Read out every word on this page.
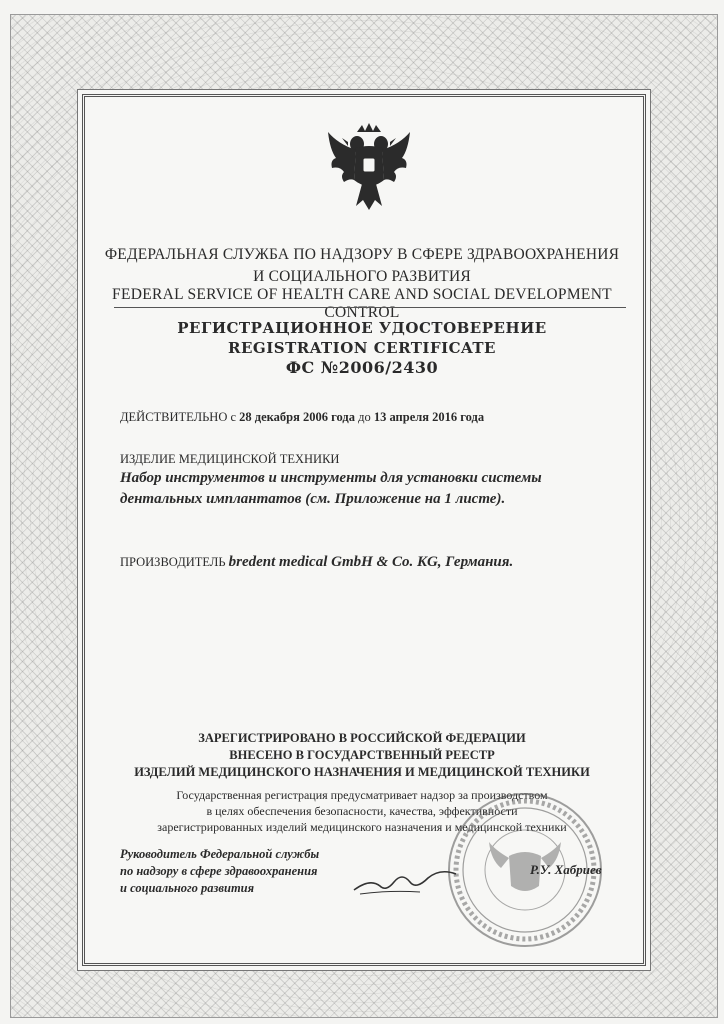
ФЕДЕРАЛЬНАЯ СЛУЖБА ПО НАДЗОРУ В СФЕРЕ ЗДРАВООХРАНЕНИЯ
И СОЦИАЛЬНОГО РАЗВИТИЯ
FEDERAL SERVICE OF HEALTH CARE AND SOCIAL DEVELOPMENT CONTROL
РЕГИСТРАЦИОННОЕ УДОСТОВЕРЕНИЕ
REGISTRATION CERTIFICATE
ФС №2006/2430
ДЕЙСТВИТЕЛЬНО с 28 декабря 2006 года до 13 апреля 2016 года
ИЗДЕЛИЕ МЕДИЦИНСКОЙ ТЕХНИКИ
Набор инструментов и инструменты для установки системы
дентальных имплантатов (см. Приложение на 1 листе).
ПРОИЗВОДИТЕЛЬ bredent medical GmbH & Co. KG, Германия.
ЗАРЕГИСТРИРОВАНО В РОССИЙСКОЙ ФЕДЕРАЦИИ
ВНЕСЕНО В ГОСУДАРСТВЕННЫЙ РЕЕСТР
ИЗДЕЛИЙ МЕДИЦИНСКОГО НАЗНАЧЕНИЯ И МЕДИЦИНСКОЙ ТЕХНИКИ
Государственная регистрация предусматривает надзор за производством
в целях обеспечения безопасности, качества, эффективности
зарегистрированных изделий медицинского назначения и медицинской техники
Руководитель Федеральной службы
по надзору в сфере здравоохранения
и социального развития
Р.У. Хабриев
